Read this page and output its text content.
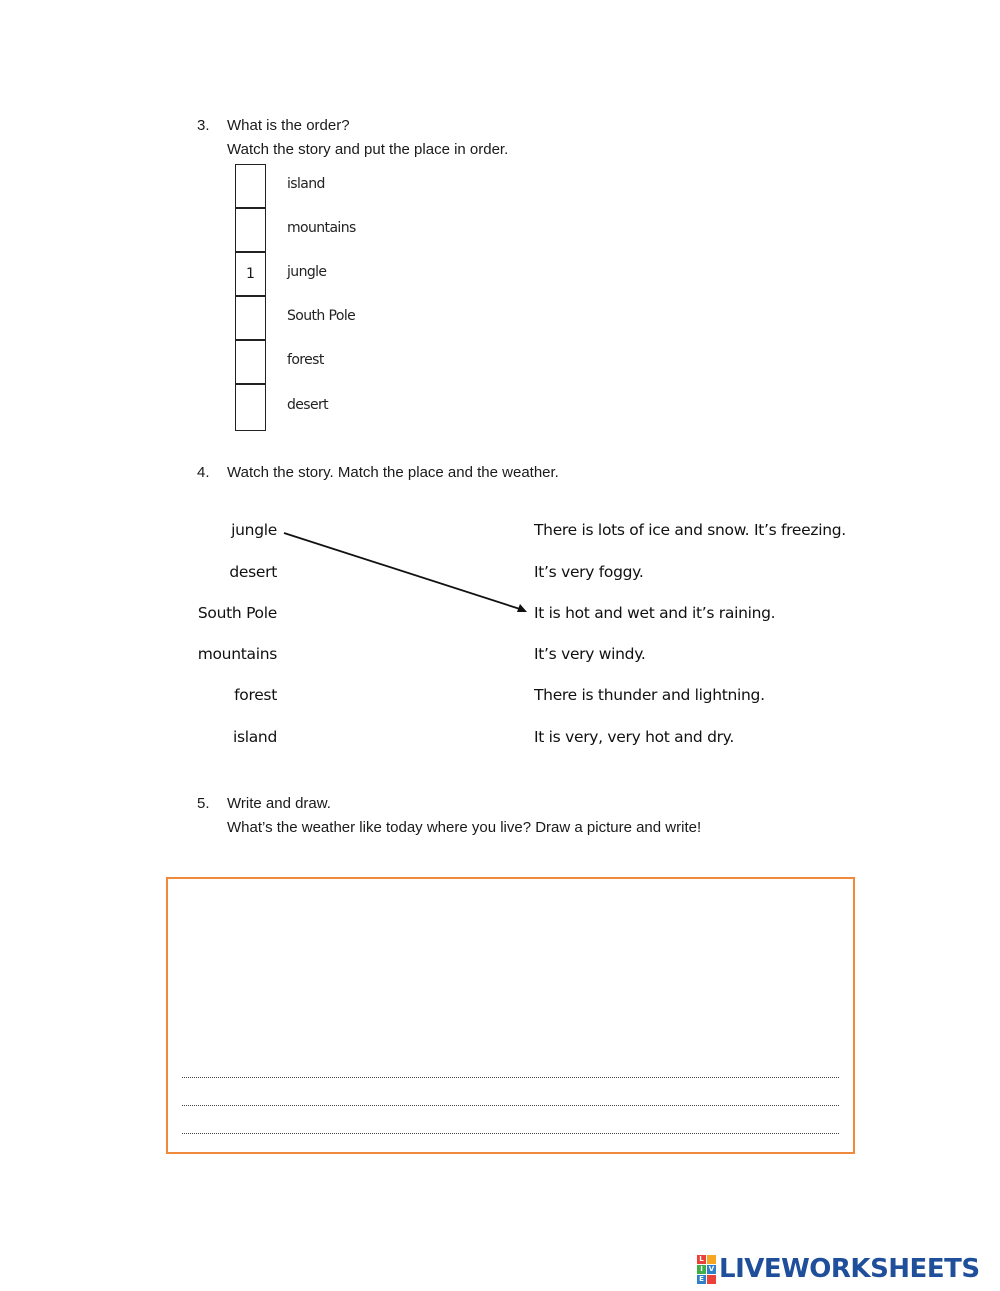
3. What is the order?
Watch the story and put the place in order.
1
island
mountains
jungle
South Pole
forest
desert
4. Watch the story. Match the place and the weather.
jungle
desert
South Pole
mountains
forest
island
There is lots of ice and snow. It’s freezing.
It’s very foggy.
It is hot and wet and it’s raining.
It’s very windy.
There is thunder and lightning.
It is very, very hot and dry.
5. Write and draw.
What’s the weather like today where you live? Draw a picture and write!
L
I V
E LIVEWORKSHEETS
